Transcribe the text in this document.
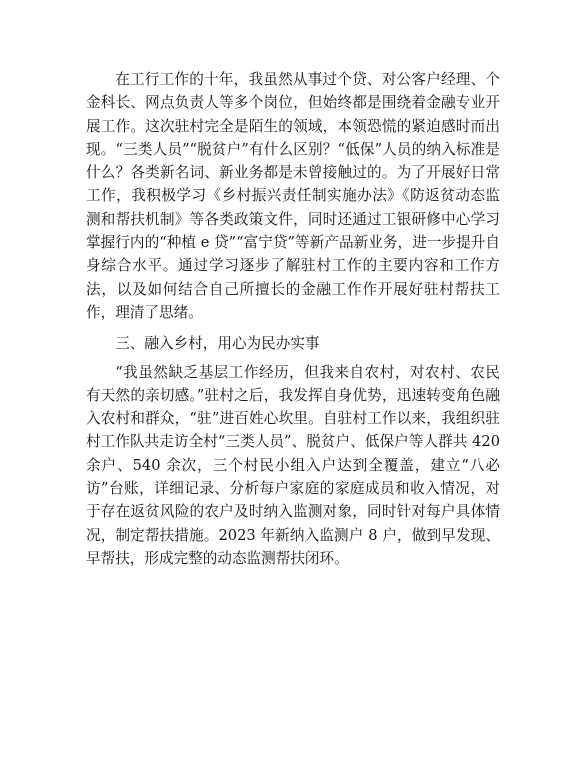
在工行工作的十年，我虽然从事过个贷、对公客户经理、个金科长、网点负责人等多个岗位，但始终都是围绕着金融专业开展工作。这次驻村完全是陌生的领域，本领恐慌的紧迫感时而出现。“三类人员”“脱贫户”有什么区别？“低保”人员的纳入标准是什么？各类新名词、新业务都是未曾接触过的。为了开展好日常工作，我积极学习《乡村振兴责任制实施办法》《防返贫动态监测和帮扶机制》等各类政策文件，同时还通过工银研修中心学习掌握行内的“种植 e 贷”“富宁贷”等新产品新业务，进一步提升自身综合水平。通过学习逐步了解驻村工作的主要内容和工作方法，以及如何结合自己所擅长的金融工作作开展好驻村帮扶工作，理清了思绪。

三、融入乡村，用心为民办实事

“我虽然缺乏基层工作经历，但我来自农村，对农村、农民有天然的亲切感。”驻村之后，我发挥自身优势，迅速转变角色融入农村和群众，“驻”进百姓心坎里。自驻村工作以来，我组织驻村工作队共走访全村“三类人员”、脱贫户、低保户等人群共 420 余户、540 余次，三个村民小组入户达到全覆盖，建立“八必访”台账，详细记录、分析每户家庭的家庭成员和收入情况，对于存在返贫风险的农户及时纳入监测对象，同时针对每户具体情况，制定帮扶措施。2023 年新纳入监测户 8 户，做到早发现、早帮扶，形成完整的动态监测帮扶闭环。
